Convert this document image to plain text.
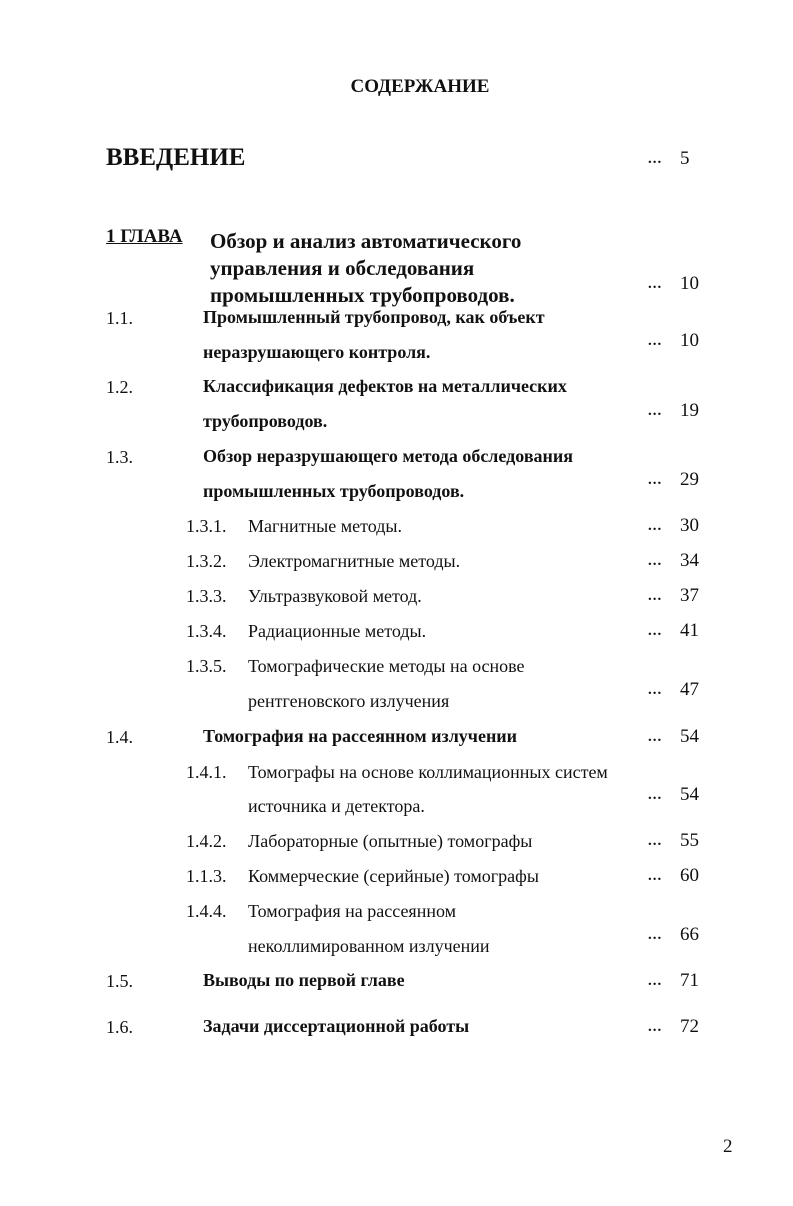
СОДЕРЖАНИЕ
ВВЕДЕНИЕ	... 5
1 ГЛАВА Обзор и анализ автоматического управления и обследования промышленных трубопроводов.	... 10
1.1.	Промышленный трубопровод, как объект
неразрушающего контроля.
... 10
1.2.	Классификация дефектов на металлических
трубопроводов.	... 19
1.3.	Обзор неразрушающего метода обследования
промышленных трубопроводов.
... 29
1.3.1. Магнитные методы.	... 30
1.3.2. Электромагнитные методы.	... 34
1.3.3. Ультразвуковой метод.	... 37
1.3.4. Радиационные методы.	... 41
1.3.5. Томографические методы на основе
рентгеновского излучения
... 47
1.4.	Томография на рассеянном излучении	... 54
1.4.1. Томографы на основе коллимационных систем
источника и детектора.
... 54
1.4.2. Лабораторные (опытные) томографы	... 55
1.1.3. Коммерческие (серийные) томографы	... 60
1.4.4. Томография на рассеянном
неколлимированном излучении
... 66
1.5.	Выводы по первой главе	... 71
1.6.	Задачи диссертационной работы	... 72
2
